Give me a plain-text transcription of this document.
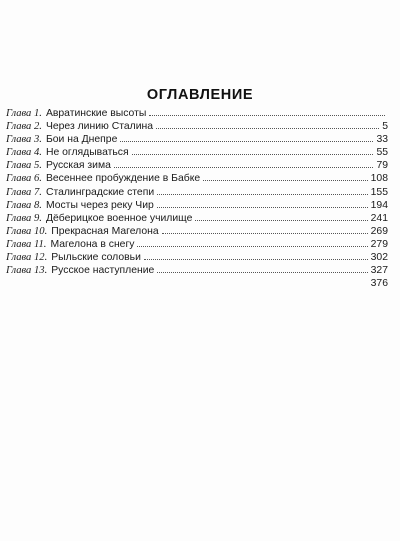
ОГЛАВЛЕНИЕ
Глава 1. Авратинские высоты
Глава 2. Через линию Сталина	5
Глава 3. Бои на Днепре	33
Глава 4. Не оглядываться	55
Глава 5. Русская зима	79
Глава 6. Весеннее пробуждение в Бабке	108
Глава 7. Сталинградские степи	155
Глава 8. Мосты через реку Чир	194
Глава 9. Дёберицкое военное училище	241
Глава 10. Прекрасная Магелона	269
Глава 11. Магелона в снегу	279
Глава 12. Рыльские соловьи	302
Глава 13. Русское наступление	327
376
